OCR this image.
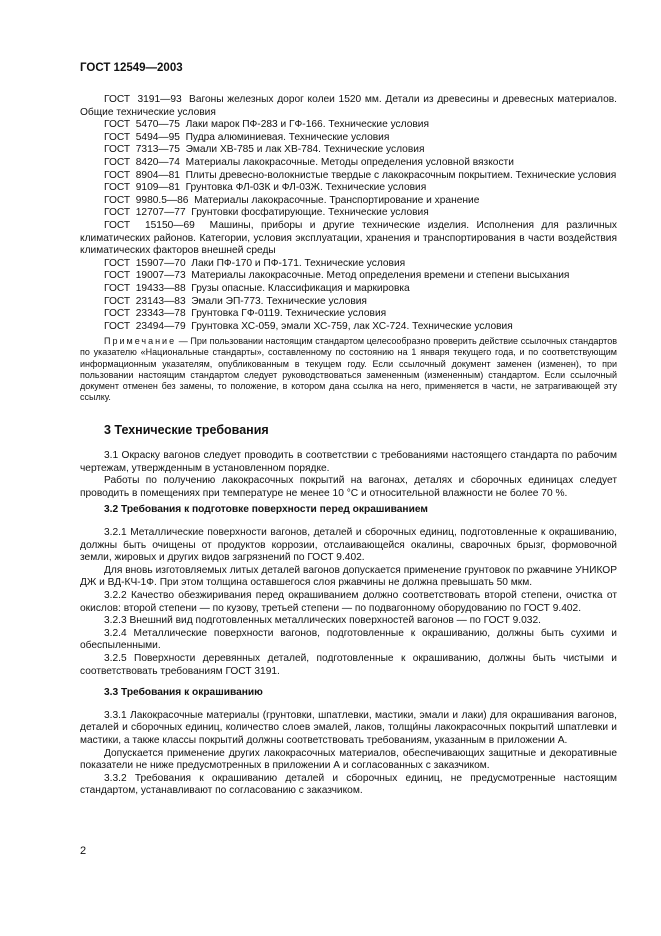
ГОСТ 12549—2003

ГОСТ  3191—93  Вагоны железных дорог колеи 1520 мм. Детали из древесины и древесных материалов. Общие технические условия

ГОСТ  5470—75  Лаки марок ПФ-283 и ГФ-166. Технические условия

ГОСТ  5494—95  Пудра алюминиевая. Технические условия

ГОСТ  7313—75  Эмали ХВ-785 и лак ХВ-784. Технические условия

ГОСТ  8420—74  Материалы лакокрасочные. Методы определения условной вязкости

ГОСТ  8904—81  Плиты древесно-волокнистые твердые с лакокрасочным покрытием. Технические условия

ГОСТ  9109—81  Грунтовка ФЛ-03К и ФЛ-03Ж. Технические условия

ГОСТ  9980.5—86  Материалы лакокрасочные. Транспортирование и хранение

ГОСТ  12707—77  Грунтовки фосфатирующие. Технические условия

ГОСТ  15150—69  Машины, приборы и другие технические изделия. Исполнения для различных климатических районов. Категории, условия эксплуатации, хранения и транспортирования в части воздействия климатических факторов внешней среды

ГОСТ  15907—70  Лаки ПФ-170 и ПФ-171. Технические условия

ГОСТ  19007—73  Материалы лакокрасочные. Метод определения времени и степени высыхания

ГОСТ  19433—88  Грузы опасные. Классификация и маркировка

ГОСТ  23143—83  Эмали ЭП-773. Технические условия

ГОСТ  23343—78  Грунтовка ГФ-0119. Технические условия

ГОСТ  23494—79  Грунтовка ХС-059, эмали ХС-759, лак ХС-724. Технические условия

Примечание — При пользовании настоящим стандартом целесообразно проверить действие ссылочных стандартов по указателю «Национальные стандарты», составленному по состоянию на 1 января текущего года, и по соответствующим информационным указателям, опубликованным в текущем году. Если ссылочный документ заменен (изменен), то при пользовании настоящим стандартом следует руководствоваться замененным (измененным) стандартом. Если ссылочный документ отменен без замены, то положение, в котором дана ссылка на него, применяется в части, не затрагивающей эту ссылку.

3 Технические требования

3.1 Окраску вагонов следует проводить в соответствии с требованиями настоящего стандарта по рабочим чертежам, утвержденным в установленном порядке.

Работы по получению лакокрасочных покрытий на вагонах, деталях и сборочных единицах следует проводить в помещениях при температуре не менее 10 °С и относительной влажности не более 70 %.

3.2 Требования к подготовке поверхности перед окрашиванием

3.2.1 Металлические поверхности вагонов, деталей и сборочных единиц, подготовленные к окрашиванию, должны быть очищены от продуктов коррозии, отслаивающейся окалины, сварочных брызг, формовочной земли, жировых и других видов загрязнений по ГОСТ 9.402.

Для вновь изготовляемых литых деталей вагонов допускается применение грунтовок по ржавчине УНИКОР ДЖ и ВД-КЧ-1Ф. При этом толщина оставшегося слоя ржавчины не должна превышать 50 мкм.

3.2.2 Качество обезжиривания перед окрашиванием должно соответствовать второй степени, очистка от окислов: второй степени — по кузову, третьей степени — по подвагонному оборудованию по ГОСТ 9.402.

3.2.3 Внешний вид подготовленных металлических поверхностей вагонов — по ГОСТ 9.032.

3.2.4 Металлические поверхности вагонов, подготовленные к окрашиванию, должны быть сухими и обеспыленными.

3.2.5 Поверхности деревянных деталей, подготовленные к окрашиванию, должны быть чистыми и соответствовать требованиям ГОСТ 3191.

3.3 Требования к окрашиванию

3.3.1 Лакокрасочные материалы (грунтовки, шпатлевки, мастики, эмали и лаки) для окрашивания вагонов, деталей и сборочных единиц, количество слоев эмалей, лаков, толщи́ны лакокрасочных покрытий шпатлевки и мастики, а также классы покрытий должны соответствовать требованиям, указанным в приложении А.

Допускается применение других лакокрасочных материалов, обеспечивающих защитные и декоративные показатели не ниже предусмотренных в приложении А и согласованных с заказчиком.

3.3.2 Требования к окрашиванию деталей и сборочных единиц, не предусмотренные настоящим стандартом, устанавливают по согласованию с заказчиком.

2
